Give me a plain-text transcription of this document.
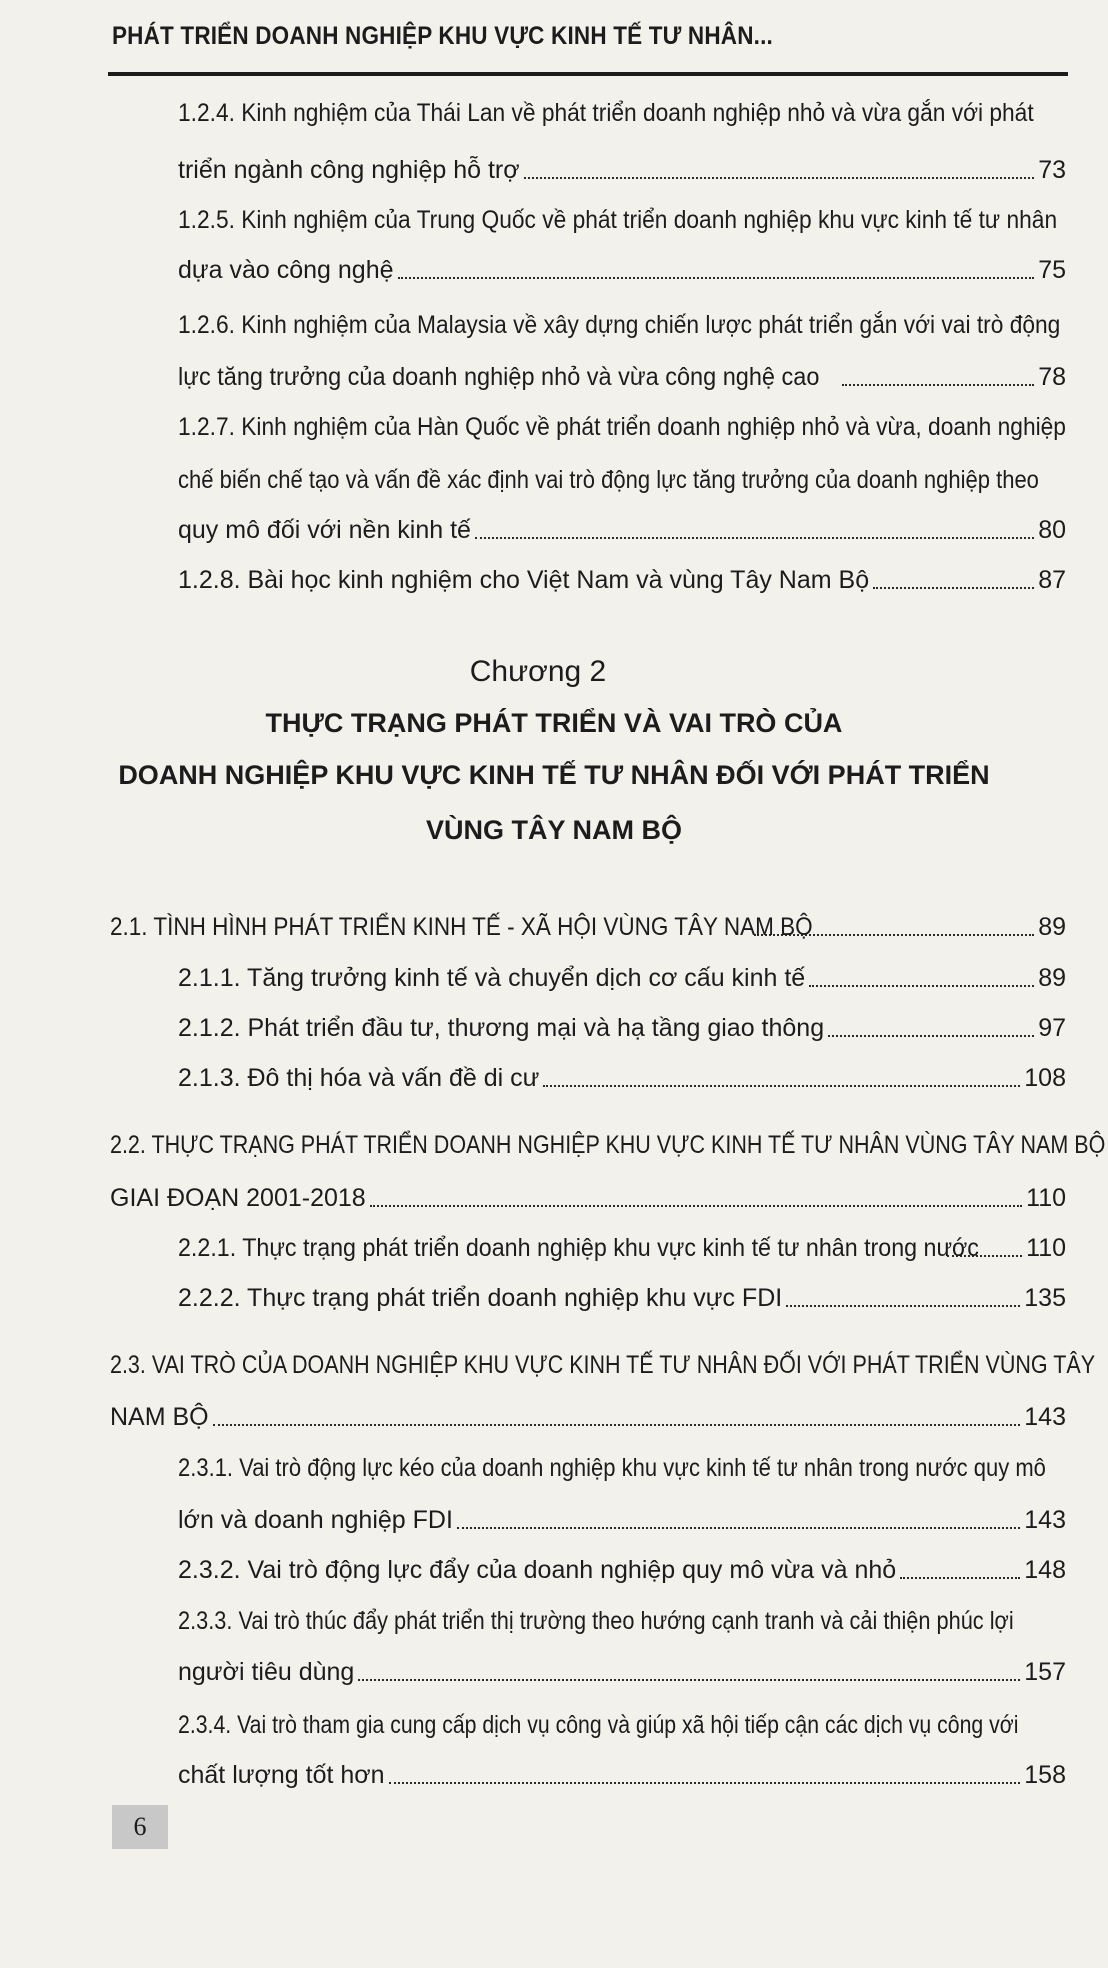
PHÁT TRIỂN DOANH NGHIỆP KHU VỰC KINH TẾ TƯ NHÂN...
1.2.4. Kinh nghiệm của Thái Lan về phát triển doanh nghiệp nhỏ và vừa gắn với phát
triển ngành công nghiệp hỗ trợ	73
1.2.5. Kinh nghiệm của Trung Quốc về phát triển doanh nghiệp khu vực kinh tế tư nhân
dựa vào công nghệ	75
1.2.6. Kinh nghiệm của Malaysia về xây dựng chiến lược phát triển gắn với vai trò động
lực tăng trưởng của doanh nghiệp nhỏ và vừa công nghệ cao	78
1.2.7. Kinh nghiệm của Hàn Quốc về phát triển doanh nghiệp nhỏ và vừa, doanh nghiệp
chế biến chế tạo và vấn đề xác định vai trò động lực tăng trưởng của doanh nghiệp theo
quy mô đối với nền kinh tế	80
1.2.8. Bài học kinh nghiệm cho Việt Nam và vùng Tây Nam Bộ	87
Chương 2
THỰC TRẠNG PHÁT TRIỂN VÀ VAI TRÒ CỦA
DOANH NGHIỆP KHU VỰC KINH TẾ TƯ NHÂN ĐỐI VỚI PHÁT TRIỂN
VÙNG TÂY NAM BỘ
2.1. TÌNH HÌNH PHÁT TRIỂN KINH TẾ - XÃ HỘI VÙNG TÂY NAM BỘ	89
2.1.1. Tăng trưởng kinh tế và chuyển dịch cơ cấu kinh tế	89
2.1.2. Phát triển đầu tư, thương mại và hạ tầng giao thông	97
2.1.3. Đô thị hóa và vấn đề di cư	108
2.2. THỰC TRẠNG PHÁT TRIỂN DOANH NGHIỆP KHU VỰC KINH TẾ TƯ NHÂN VÙNG TÂY NAM BỘ
GIAI ĐOẠN 2001-2018	110
2.2.1. Thực trạng phát triển doanh nghiệp khu vực kinh tế tư nhân trong nước 110
2.2.2. Thực trạng phát triển doanh nghiệp khu vực FDI	135
2.3. VAI TRÒ CỦA DOANH NGHIỆP KHU VỰC KINH TẾ TƯ NHÂN ĐỐI VỚI PHÁT TRIỂN VÙNG TÂY
NAM BỘ	143
2.3.1. Vai trò động lực kéo của doanh nghiệp khu vực kinh tế tư nhân trong nước quy mô
lớn và doanh nghiệp FDI	143
2.3.2. Vai trò động lực đẩy của doanh nghiệp quy mô vừa và nhỏ	148
2.3.3. Vai trò thúc đẩy phát triển thị trường theo hướng cạnh tranh và cải thiện phúc lợi
người tiêu dùng	157
2.3.4. Vai trò tham gia cung cấp dịch vụ công và giúp xã hội tiếp cận các dịch vụ công với
chất lượng tốt hơn	158
6
